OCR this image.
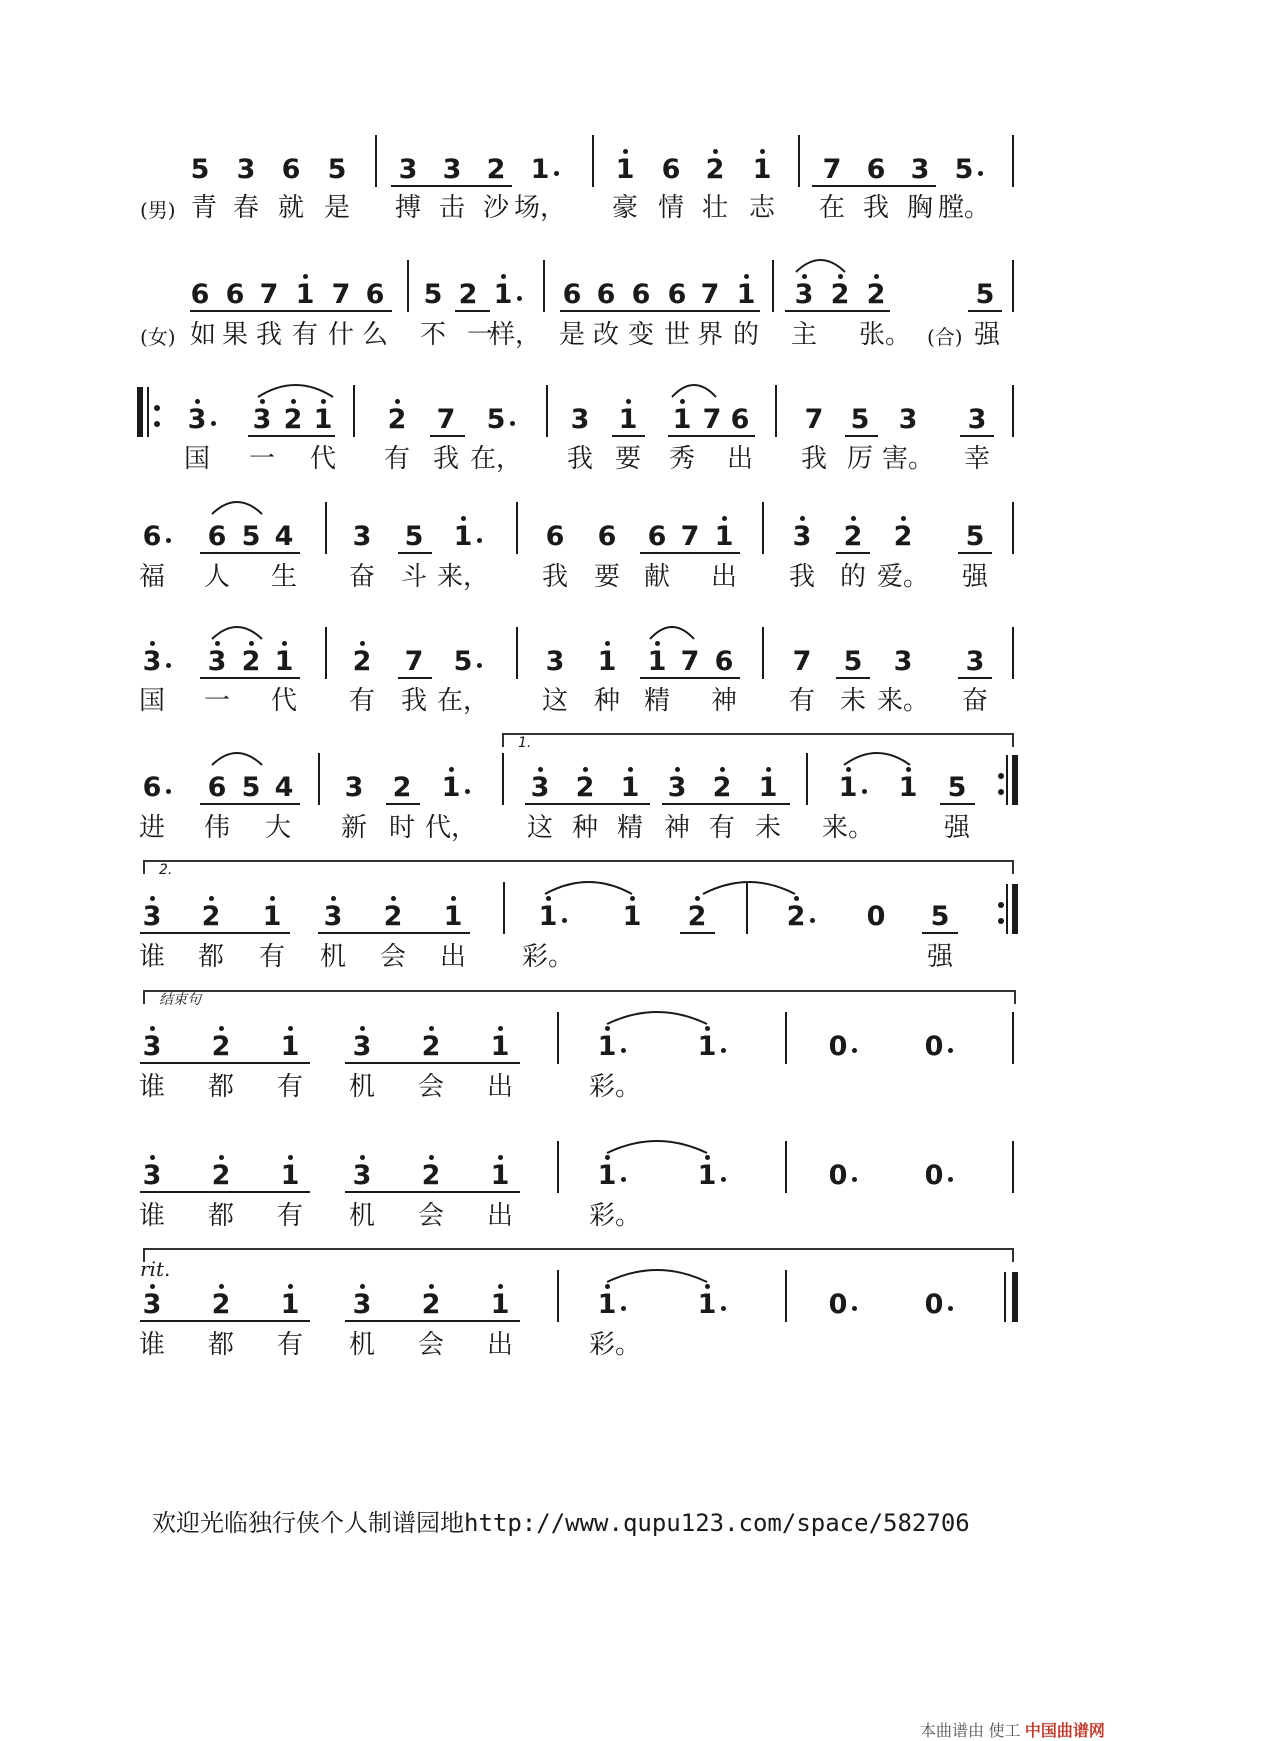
5 3 6 5 3 3 2 1 1 6 2 1 7 6 3 5
(男) 青 春 就 是 搏 击 沙 场， 豪 情 壮 志 在 我 胸 膛。
6 6 7 1 7 6 5 2 1 6 6 6 6 7 1 3 2 2	5
(女) 如 果 我 有 什 么 不 一
样， 是 改 变 世 界 的 主 张。 (合) 强
3 3 2 1 2 7 5 3 1 1 7 6 7 5 3 3
国 一 代 有 我 在， 我 要 秀 出 我 厉 害。 幸
6 6 5 4 3 5 1	6 6 6 7 1 3 2 2 5
福 人 生 奋 斗 来， 我 要 献 出 我 的 爱。 强
3 3 2 1 2 7 5	3 1 1 7 6 7 5 3 3
国 一 代 有 我 在， 这 种 精 神 有 未 来。 奋
6 6 5 4 3 2 1	3 2 1 3 2 1 1 1 5
1.
进 伟 大 新 时 代， 这 种 精 神 有 未 来。	强
3 2 1 3 2 1	1 1 2	2 0 5
2.
谁 都 有 机 会 出 彩。	强
3 2 1 3 2 1	1	1	0	0
结束句
谁 都 有 机 会 出	彩。
3 2 1 3 2 1	1	1	0	0
谁 都 有 机 会 出	彩。
3 2 1 3 2 1	1	1	0	0
rit.
谁 都 有 机 会 出	彩。
欢迎光临独行侠个人制谱园地http://www.qupu123.com/space/582706
本曲谱由 使工 中国曲谱网
